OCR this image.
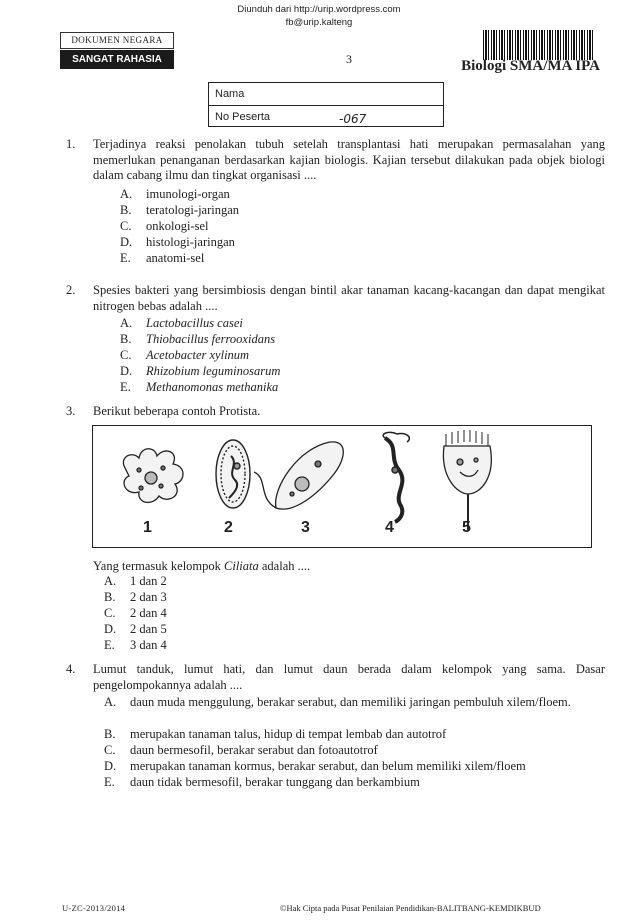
Diunduh dari http://urip.wordpress.com
fb@urip.kalteng
DOKUMEN NEGARA
SANGAT RAHASIA	3	Biologi SMA/MA IPA
Nama
No Peserta	-067
1. Terjadinya reaksi penolakan tubuh setelah transplantasi hati merupakan permasalahan yang memerlukan penanganan berdasarkan kajian biologis. Kajian tersebut dilakukan pada objek biologi dalam cabang ilmu dan tingkat organisasi ....
A.	imunologi-organ
B.	teratologi-jaringan
C.	onkologi-sel
D.	histologi-jaringan
E.	anatomi-sel
2. Spesies bakteri yang bersimbiosis dengan bintil akar tanaman kacang-kacangan dan dapat mengikat nitrogen bebas adalah ....
A.	Lactobacillus casei
B.	Thiobacillus ferrooxidans
C.	Acetobacter xylinum
D.	Rhizobium leguminosarum
E.	Methanomonas methanika
3. Berikut beberapa contoh Protista.
1	2	3	4	5
Yang termasuk kelompok Ciliata adalah ....
A.	1 dan 2
B.	2 dan 3
C.	2 dan 4
D.	2 dan 5
E.	3 dan 4
4. Lumut tanduk, lumut hati, dan lumut daun berada dalam kelompok yang sama. Dasar pengelompokannya adalah ....
A.	daun muda menggulung, berakar serabut, dan memiliki jaringan pembuluh xilem/floem.
B.	merupakan tanaman talus, hidup di tempat lembab dan autotrof
C.	daun bermesofil, berakar serabut dan fotoautotrof
D.	merupakan tanaman kormus, berakar serabut, dan belum memiliki xilem/floem
E.	daun tidak bermesofil, berakar tunggang dan berkambium
U-ZC-2013/2014	©Hak Cipta pada Pusat Penilaian Pendidikan-BALITBANG-KEMDIKBUD
